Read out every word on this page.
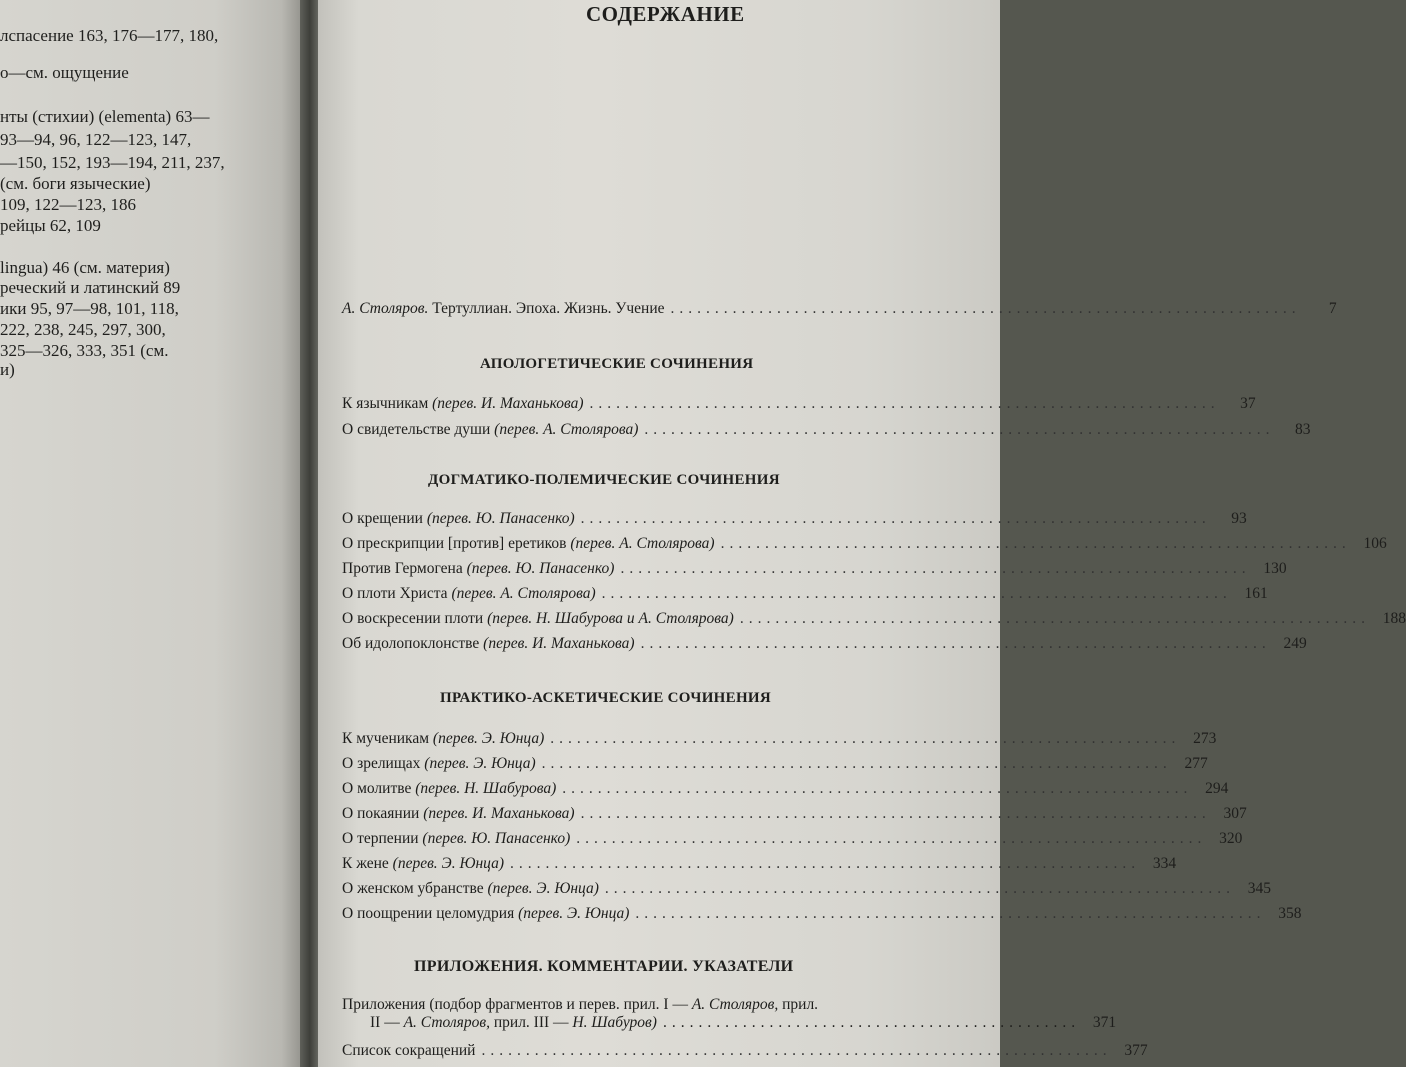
лспасение 163, 176—177, 180,
о—см. ощущение
нты (стихии) (elementa) 63—
93—94, 96, 122—123, 147,
—150, 152, 193—194, 211, 237,
(см. боги языческие)
109, 122—123, 186
рейцы 62, 109
lingua) 46 (см. материя)
реческий и латинский 89
ики 95, 97—98, 101, 118,
222, 238, 245, 297, 300,
325—326, 333, 351 (см.
и)
СОДЕРЖАНИЕ
А. Столяров. Тертуллиан. Эпоха. Жизнь. Учение .......................................................................	7
АПОЛОГЕТИЧЕСКИЕ СОЧИНЕНИЯ
К язычникам (перев. И. Маханькова) .......................................................................	37
О свидетельстве души (перев. А. Столярова) .......................................................................	83
ДОГМАТИКО-ПОЛЕМИЧЕСКИЕ СОЧИНЕНИЯ
О крещении (перев. Ю. Панасенко) .......................................................................	93
О прескрипции [против] еретиков (перев. А. Столярова) ....................................................................... 106
Против Гермогена (перев. Ю. Панасенко) ....................................................................... 130
О плоти Христа (перев. А. Столярова) ....................................................................... 161
О воскресении плоти (перев. Н. Шабурова и А. Столярова) ....................................................................... 188
Об идолопоклонстве (перев. И. Маханькова) ....................................................................... 249
ПРАКТИКО-АСКЕТИЧЕСКИЕ СОЧИНЕНИЯ
К мученикам (перев. Э. Юнца) ....................................................................... 273
О зрелищах (перев. Э. Юнца) ....................................................................... 277
О молитве (перев. Н. Шабурова) ....................................................................... 294
О покаянии (перев. И. Маханькова) ....................................................................... 307
О терпении (перев. Ю. Панасенко) ....................................................................... 320
К жене (перев. Э. Юнца) ....................................................................... 334
О женском убранстве (перев. Э. Юнца) ....................................................................... 345
О поощрении целомудрия (перев. Э. Юнца) ....................................................................... 358
ПРИЛОЖЕНИЯ. КОММЕНТАРИИ. УКАЗАТЕЛИ
Приложения (подбор фрагментов и перев. прил. I — А. Столяров, прил.
II — А. Столяров, прил. III — Н. Шабуров) ............................................... 371
Список сокращений ....................................................................... 377
